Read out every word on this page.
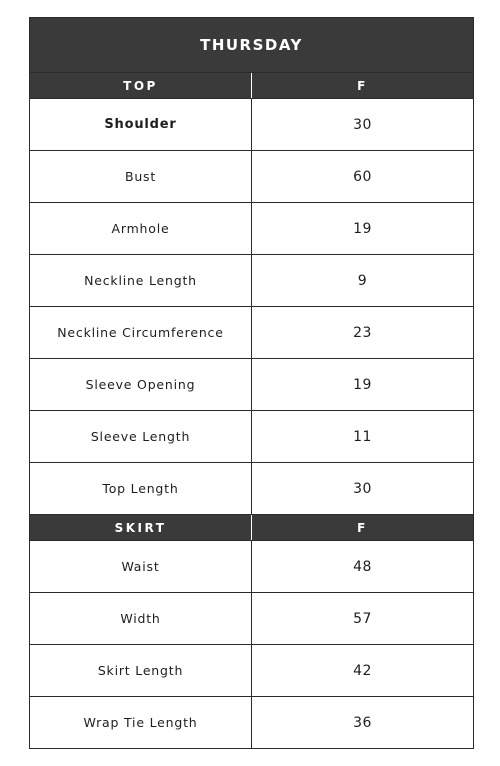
THURSDAY	
TOP	F
Shoulder	30
Bust	60
Armhole	19
Neckline Length	9
Neckline Circumference	23
Sleeve Opening	19
Sleeve Length	11
Top Length	30
SKIRT	F
Waist	48
Width	57
Skirt Length	42
Wrap Tie Length	36
